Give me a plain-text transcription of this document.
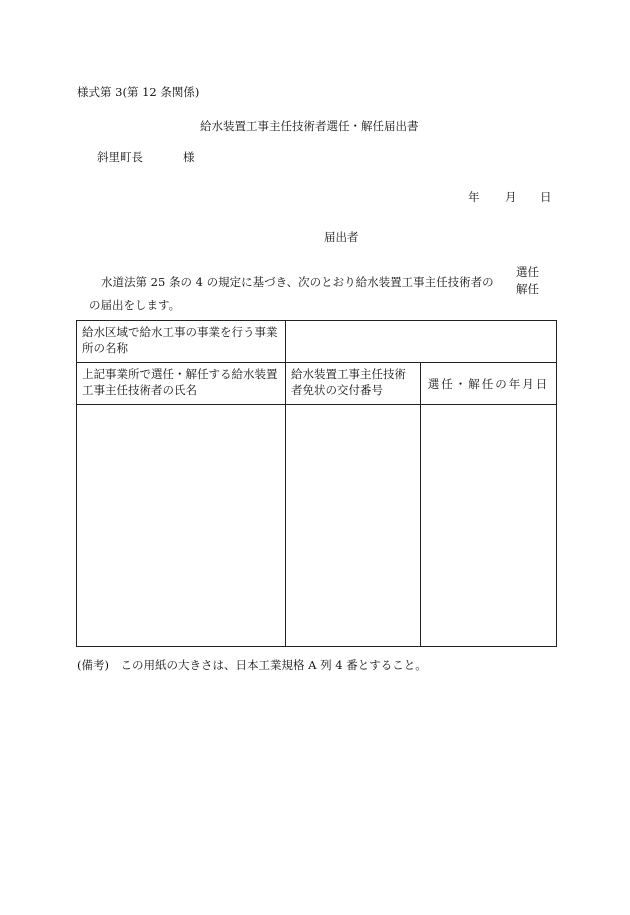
様式第 3(第 12 条関係)
給水装置工事主任技術者選任・解任届出書
斜里町長	様
年 月 日
届出者
水道法第 25 条の 4 の規定に基づき、次のとおり給水装置工事主任技術者の
選任
解任
の届出をします。
給水区域で給水工事の事業を行う事業所の名称		

上記事業所で選任・解任する給水装置工事主任技術者の氏名	給水装置工事主任技術者免状の交付番号	選任・解任の年月日

(備考)　この用紙の大きさは、日本工業規格 A 列 4 番とすること。
